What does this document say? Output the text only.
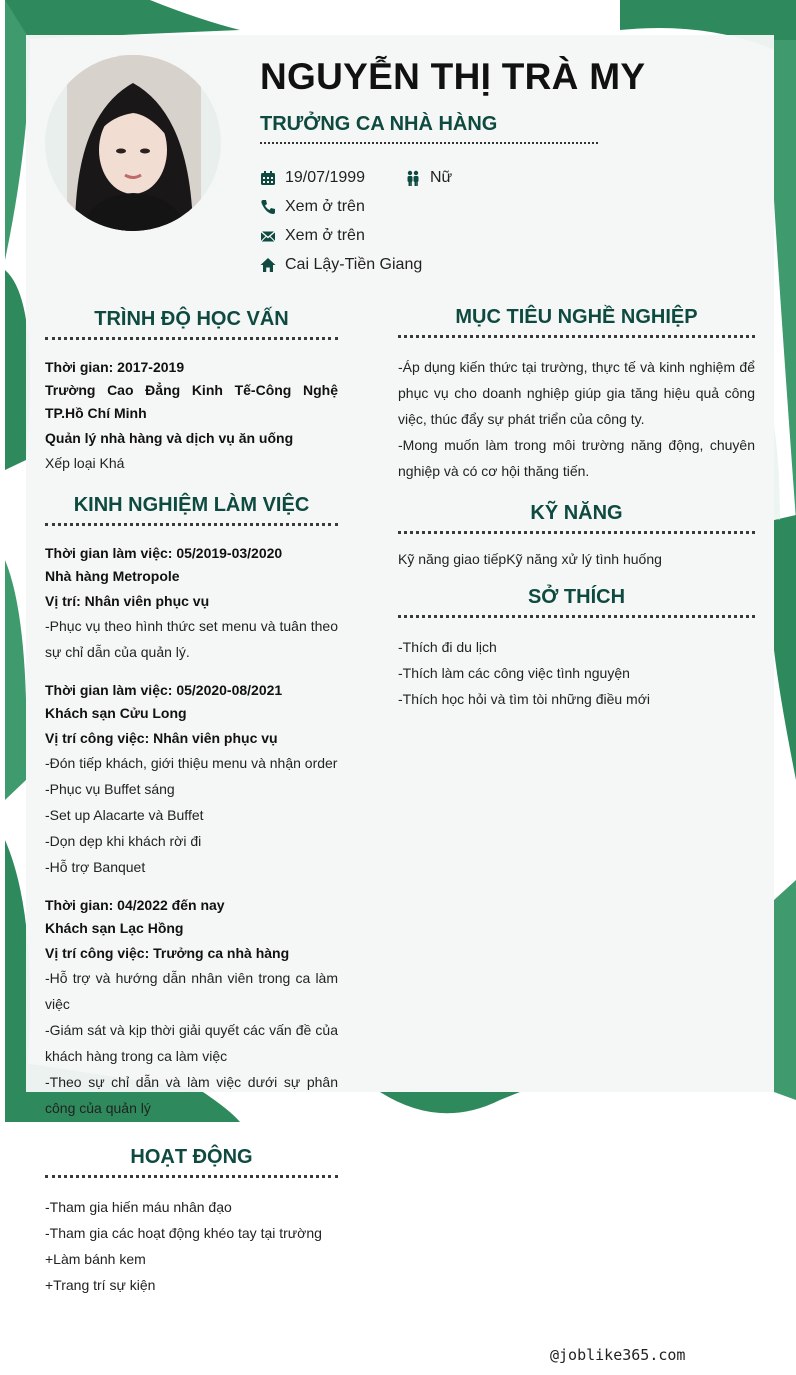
NGUYỄN THỊ TRÀ MY
TRƯỞNG CA NHÀ HÀNG
19/07/1999	Nữ
Xem ở trên
Xem ở trên
Cai Lậy-Tiền Giang
TRÌNH ĐỘ HỌC VẤN
Thời gian: 2017-2019
Trường Cao Đẳng Kinh Tế-Công Nghệ TP.Hồ Chí Minh
Quản lý nhà hàng và dịch vụ ăn uống
Xếp loại Khá
KINH NGHIỆM LÀM VIỆC
Thời gian làm việc: 05/2019-03/2020
Nhà hàng Metropole
Vị trí: Nhân viên phục vụ
-Phục vụ theo hình thức set menu và tuân theo sự chỉ dẫn của quản lý.
Thời gian làm việc: 05/2020-08/2021
Khách sạn Cửu Long
Vị trí công việc: Nhân viên phục vụ
-Đón tiếp khách, giới thiệu menu và nhận order
-Phục vụ Buffet sáng
-Set up Alacarte và Buffet
-Dọn dẹp khi khách rời đi
-Hỗ trợ Banquet
Thời gian: 04/2022 đến nay
Khách sạn Lạc Hồng
Vị trí công việc: Trưởng ca nhà hàng
-Hỗ trợ và hướng dẫn nhân viên trong ca làm việc
-Giám sát và kịp thời giải quyết các vấn đề của khách hàng trong ca làm việc
-Theo sự chỉ dẫn và làm việc dưới sự phân công của quản lý
HOẠT ĐỘNG
-Tham gia hiến máu nhân đạo
-Tham gia các hoạt động khéo tay tại trường
+Làm bánh kem
+Trang trí sự kiện
MỤC TIÊU NGHỀ NGHIỆP
-Áp dụng kiến thức tại trường, thực tế và kinh nghiệm để phục vụ cho doanh nghiệp giúp gia tăng hiệu quả công việc, thúc đẩy sự phát triển của công ty.
-Mong muốn làm trong môi trường năng động, chuyên nghiệp và có cơ hội thăng tiến.
KỸ NĂNG
Kỹ năng giao tiếpKỹ năng xử lý tình huống
SỞ THÍCH
-Thích đi du lịch
-Thích làm các công việc tình nguyện
-Thích học hỏi và tìm tòi những điều mới
@joblike365.com
